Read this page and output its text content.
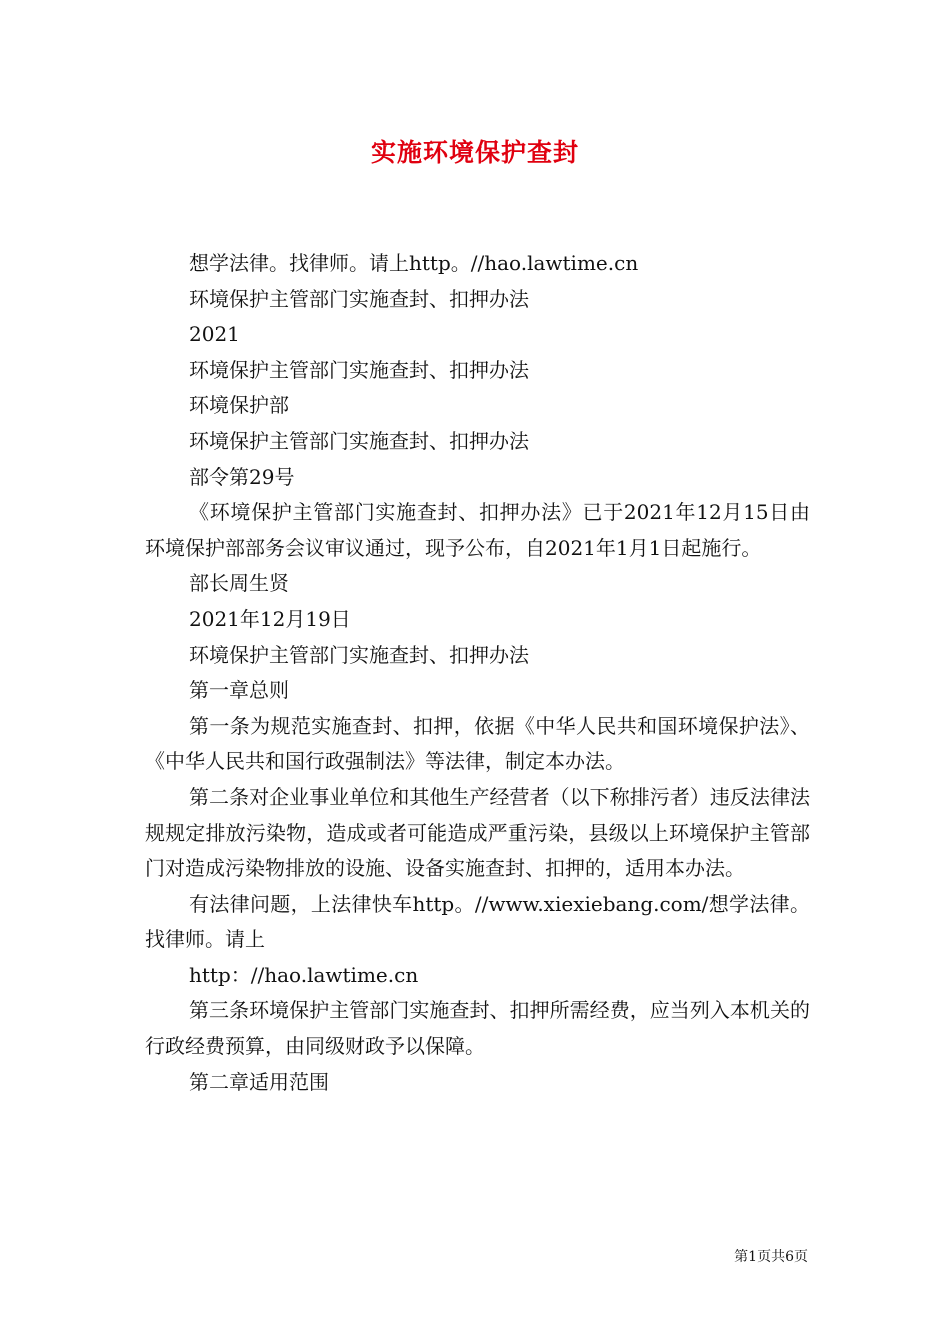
实施环境保护查封

想学法律。找律师。请上http。//hao.lawtime.cn

环境保护主管部门实施查封、扣押办法

2021

环境保护主管部门实施查封、扣押办法

环境保护部

环境保护主管部门实施查封、扣押办法

部令第29号

《环境保护主管部门实施查封、扣押办法》已于2021年12月15日由环境保护部部务会议审议通过，现予公布，自2021年1月1日起施行。

部长周生贤

2021年12月19日

环境保护主管部门实施查封、扣押办法

第一章总则

第一条为规范实施查封、扣押，依据《中华人民共和国环境保护法》、《中华人民共和国行政强制法》等法律，制定本办法。

第二条对企业事业单位和其他生产经营者（以下称排污者）违反法律法规规定排放污染物，造成或者可能造成严重污染，县级以上环境保护主管部门对造成污染物排放的设施、设备实施查封、扣押的，适用本办法。

有法律问题，上法律快车http。//www.xiexiebang.com/想学法律。找律师。请上

http：//hao.lawtime.cn

第三条环境保护主管部门实施查封、扣押所需经费，应当列入本机关的行政经费预算，由同级财政予以保障。

第二章适用范围

第1页共6页
